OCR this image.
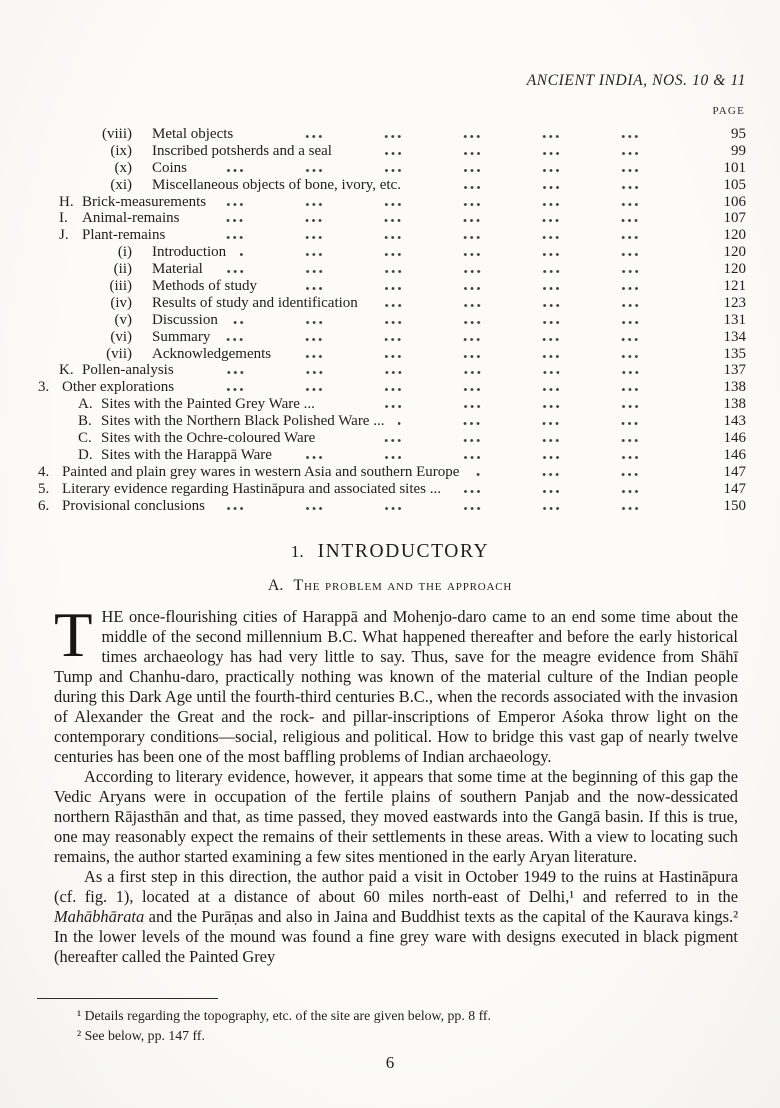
ANCIENT INDIA, NOS. 10 & 11
PAGE
(viii) Metal objects	95
(ix) Inscribed potsherds and a seal	99
(x) Coins	101
(xi) Miscellaneous objects of bone, ivory, etc.	105
H. Brick-measurements	106
I. Animal-remains	107
J. Plant-remains	120
(i) Introduction	120
(ii) Material	120
(iii) Methods of study	121
(iv) Results of study and identification	123
(v) Discussion	131
(vi) Summary	134
(vii) Acknowledgements	135
K. Pollen-analysis	137
3. Other explorations	138
A. Sites with the Painted Grey Ware ...	138
B. Sites with the Northern Black Polished Ware ...	143
C. Sites with the Ochre-coloured Ware	146
D. Sites with the Harappā Ware	146
4. Painted and plain grey wares in western Asia and southern Europe	147
5. Literary evidence regarding Hastināpura and associated sites ...	147
6. Provisional conclusions	150
1. INTRODUCTORY
A. The problem and the approach

THE once-flourishing cities of Harappā and Mohenjo-daro came to an end some time about the middle of the second millennium B.C. What happened thereafter and before the early historical times archaeology has had very little to say. Thus, save for the meagre evidence from Shāhī Tump and Chanhu-daro, practically nothing was known of the material culture of the Indian people during this Dark Age until the fourth-third centuries B.C., when the records associated with the invasion of Alexander the Great and the rock- and pillar-inscriptions of Emperor Aśoka throw light on the contemporary conditions—social, religious and political. How to bridge this vast gap of nearly twelve centuries has been one of the most baffling problems of Indian archaeology.

According to literary evidence, however, it appears that some time at the beginning of this gap the Vedic Aryans were in occupation of the fertile plains of southern Panjab and the now-dessicated northern Rājasthān and that, as time passed, they moved eastwards into the Gangā basin. If this is true, one may reasonably expect the remains of their settlements in these areas. With a view to locating such remains, the author started examining a few sites mentioned in the early Aryan literature.

As a first step in this direction, the author paid a visit in October 1949 to the ruins at Hastināpura (cf. fig. 1), located at a distance of about 60 miles north-east of Delhi,¹ and referred to in the Mahābhārata and the Purāṇas and also in Jaina and Buddhist texts as the capital of the Kaurava kings.² In the lower levels of the mound was found a fine grey ware with designs executed in black pigment (hereafter called the Painted Grey

¹ Details regarding the topography, etc. of the site are given below, pp. 8 ff.

² See below, pp. 147 ff.

6
